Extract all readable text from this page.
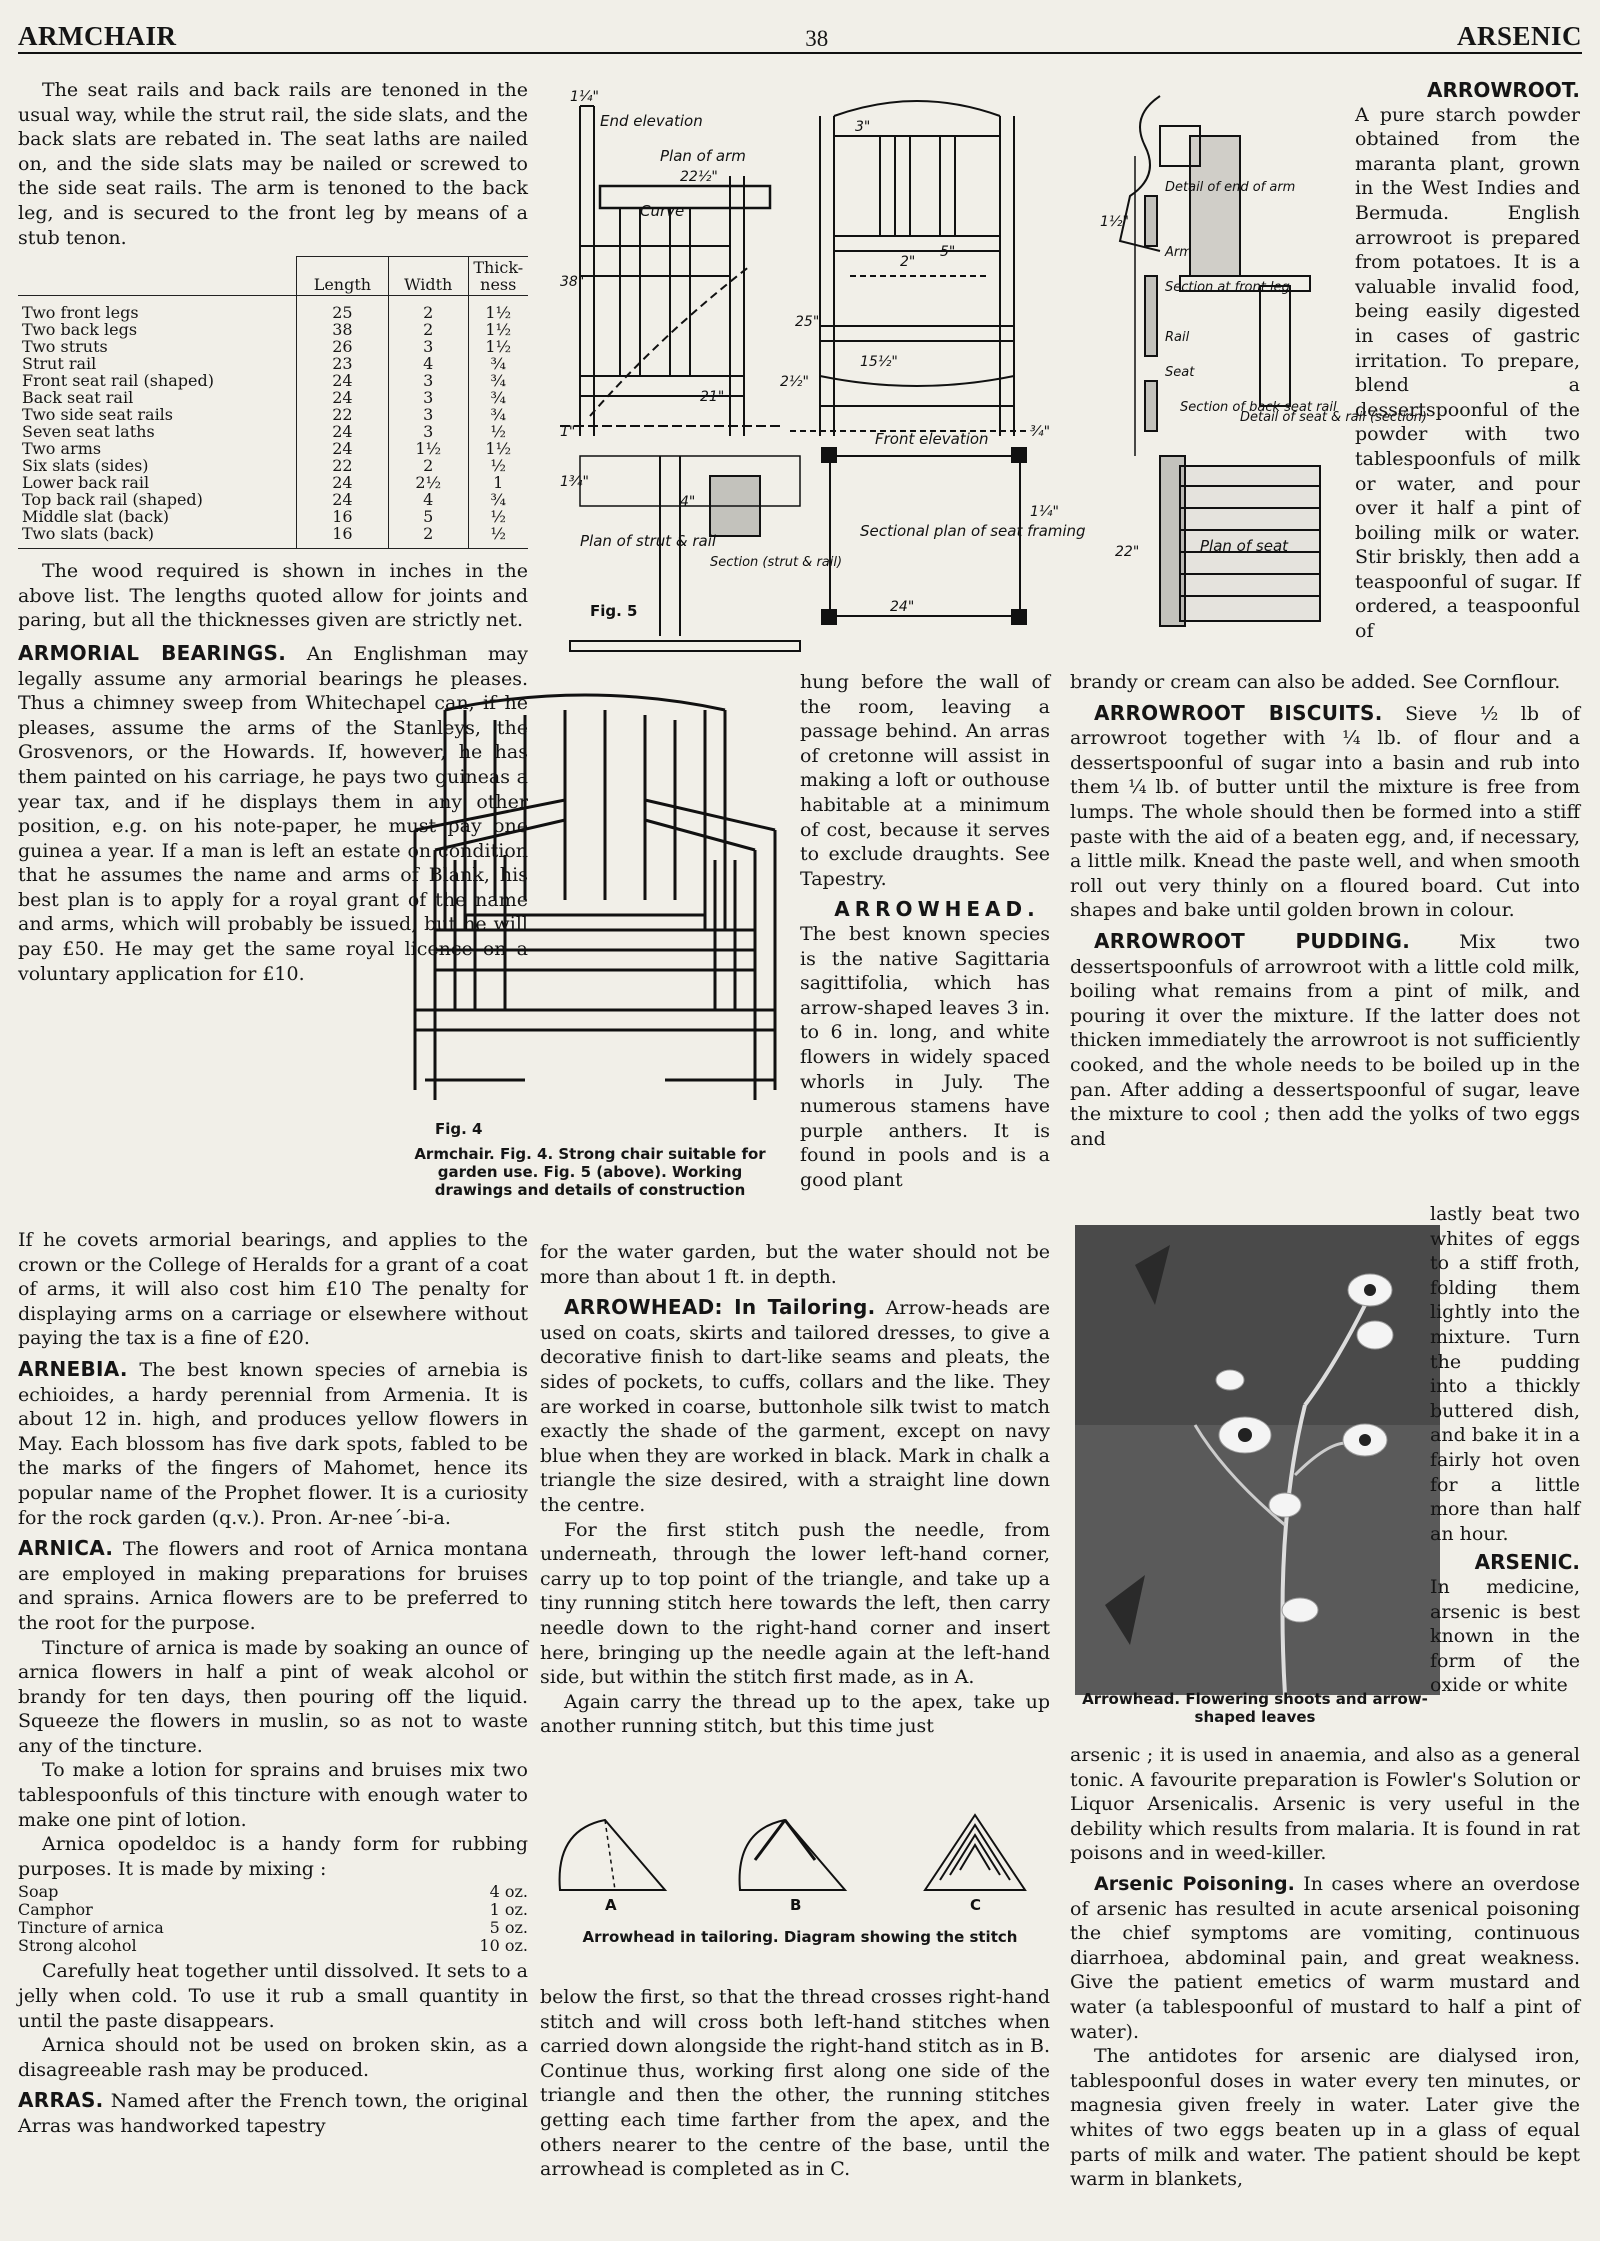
ARMCHAIR	38	ARSENIC

The seat rails and back rails are tenoned in the usual way, while the strut rail, the side slats, and the back slats are rebated in. The seat laths are nailed on, and the side slats may be nailed or screwed to the side seat rails. The arm is tenoned to the back leg, and is secured to the front leg by means of a stub tenon.

	Length	Width	Thick-ness
Two front legs	25	2	1½
Two back legs	38	2	1½
Two struts	26	3	1½
Strut rail	23	4	¾
Front seat rail (shaped)	24	3	¾
Back seat rail	24	3	¾
Two side seat rails	22	3	¾
Seven seat laths	24	3	½
Two arms	24	1½	1½
Six slats (sides)	22	2	½
Lower back rail	24	2½	1
Top back rail (shaped)	24	4	¾
Middle slat (back)	16	5	½
Two slats (back)	16	2	½

The wood required is shown in inches in the above list. The lengths quoted allow for joints and paring, but all the thicknesses given are strictly net.

ARMORIAL BEARINGS. An Englishman may legally assume any armorial bearings he pleases. Thus a chimney sweep from Whitechapel can, if he pleases, assume the arms of the Stanleys, the Grosvenors, or the Howards. If, however, he has them painted on his carriage, he pays two guineas a year tax, and if he displays them in any other position, e.g. on his note-paper, he must pay one guinea a year. If a man is left an estate on condition that he assumes the name and arms of Blank, his best plan is to apply for a royal grant of the name and arms, which will probably be issued, but he will pay £50. He may get the same royal licence on a voluntary application for £10.

If he covets armorial bearings, and applies to the crown or the College of Heralds for a grant of a coat of arms, it will also cost him £10 The penalty for displaying arms on a carriage or elsewhere without paying the tax is a fine of £20.

ARNEBIA. The best known species of arnebia is echioides, a hardy perennial from Armenia. It is about 12 in. high, and produces yellow flowers in May. Each blossom has five dark spots, fabled to be the marks of the fingers of Mahomet, hence its popular name of the Prophet flower. It is a curiosity for the rock garden (q.v.). Pron. Ar-nee´-bi-a.

ARNICA. The flowers and root of Arnica montana are employed in making preparations for bruises and sprains. Arnica flowers are to be preferred to the root for the purpose.

Tincture of arnica is made by soaking an ounce of arnica flowers in half a pint of weak alcohol or brandy for ten days, then pouring off the liquid. Squeeze the flowers in muslin, so as not to waste any of the tincture.

To make a lotion for sprains and bruises mix two tablespoonfuls of this tincture with enough water to make one pint of lotion.

Arnica opodeldoc is a handy form for rubbing purposes. It is made by mixing :

Soap	4 oz.
Camphor	1 oz.
Tincture of arnica	5 oz.
Strong alcohol	10 oz.

Carefully heat together until dissolved. It sets to a jelly when cold. To use it rub a small quantity in until the paste disappears.

Arnica should not be used on broken skin, as a disagreeable rash may be produced.

ARRAS. Named after the French town, the original Arras was handworked tapestry

End elevation
Plan of arm
Curve
Front elevation
Plan of strut & rail
Section (strut & rail)
Sectional plan of seat framing
Detail of end of arm
Arm
Section at front leg
Rail
Seat
Section of back seat rail
Detail of seat & rail (section)
Plan of seat
1¼"
22½"
38"
25"
1"
1¾"
4"
3"
2"
21"
2½"
15½"
24"
22"
5"
1½"
¾"
1¼"
Fig. 5
Fig. 4
Armchair. Fig. 4. Strong chair suitable for garden use. Fig. 5 (above). Working drawings and details of construction

hung before the wall of the room, leaving a passage behind. An arras of cretonne will assist in making a loft or outhouse habitable at a minimum of cost, because it serves to exclude draughts. See Tapestry.

ARROWHEAD.

The best known species is the native Sagittaria sagittifolia, which has arrow-shaped leaves 3 in. to 6 in. long, and white flowers in widely spaced whorls in July. The numerous stamens have purple anthers. It is found in pools and is a good plant

for the water garden, but the water should not be more than about 1 ft. in depth.

ARROWHEAD: In Tailoring. Arrow-heads are used on coats, skirts and tailored dresses, to give a decorative finish to dart-like seams and pleats, the sides of pockets, to cuffs, collars and the like. They are worked in coarse, buttonhole silk twist to match exactly the shade of the garment, except on navy blue when they are worked in black. Mark in chalk a triangle the size desired, with a straight line down the centre.

For the first stitch push the needle, from underneath, through the lower left-hand corner, carry up to top point of the triangle, and take up a tiny running stitch here towards the left, then carry needle down to the right-hand corner and insert here, bringing up the needle again at the left-hand side, but within the stitch first made, as in A.

Again carry the thread up to the apex, take up another running stitch, but this time just

A	B	C
Arrowhead in tailoring. Diagram showing the stitch

below the first, so that the thread crosses right-hand stitch and will cross both left-hand stitches when carried down alongside the right-hand stitch as in B. Continue thus, working first along one side of the triangle and then the other, the running stitches getting each time farther from the apex, and the others nearer to the centre of the base, until the arrowhead is completed as in C.

ARROWROOT.

A pure starch powder obtained from the maranta plant, grown in the West Indies and Bermuda. English arrowroot is prepared from potatoes. It is a valuable invalid food, being easily digested in cases of gastric irritation. To prepare, blend a dessertspoonful of the powder with two tablespoonfuls of milk or water, and pour over it half a pint of boiling milk or water. Stir briskly, then add a teaspoonful of sugar. If ordered, a teaspoonful of

brandy or cream can also be added. See Cornflour.

ARROWROOT BISCUITS. Sieve ½ lb of arrowroot together with ¼ lb. of flour and a dessertspoonful of sugar into a basin and rub into them ¼ lb. of butter until the mixture is free from lumps. The whole should then be formed into a stiff paste with the aid of a beaten egg, and, if necessary, a little milk. Knead the paste well, and when smooth roll out very thinly on a floured board. Cut into shapes and bake until golden brown in colour.

ARROWROOT PUDDING.	Mix two dessertspoonfuls of arrowroot with a little cold milk, boiling what remains from a pint of milk, and pouring it over the mixture. If the latter does not thicken immediately the arrowroot is not sufficiently cooked, and the whole needs to be boiled up in the pan. After adding a dessertspoonful of sugar, leave the mixture to cool ; then add the yolks of two eggs and

Arrowhead. Flowering shoots and arrow-shaped leaves

lastly beat two whites of eggs to a stiff froth, folding them lightly into the mixture. Turn the pudding into a thickly buttered dish, and bake it in a fairly hot oven for a little more than half an hour.

ARSENIC.

In medicine, arsenic is best known in the form of the oxide or white

arsenic ; it is used in anaemia, and also as a general tonic. A favourite preparation is Fowler's Solution or Liquor Arsenicalis. Arsenic is very useful in the debility which results from malaria. It is found in rat poisons and in weed-killer.

Arsenic Poisoning. In cases where an overdose of arsenic has resulted in acute arsenical poisoning the chief symptoms are vomiting, continuous diarrhoea, abdominal pain, and great weakness. Give the patient emetics of warm mustard and water (a tablespoonful of mustard to half a pint of water).

The antidotes for arsenic are dialysed iron, tablespoonful doses in water every ten minutes, or magnesia given freely in water. Later give the whites of two eggs beaten up in a glass of equal parts of milk and water. The patient should be kept warm in blankets,
